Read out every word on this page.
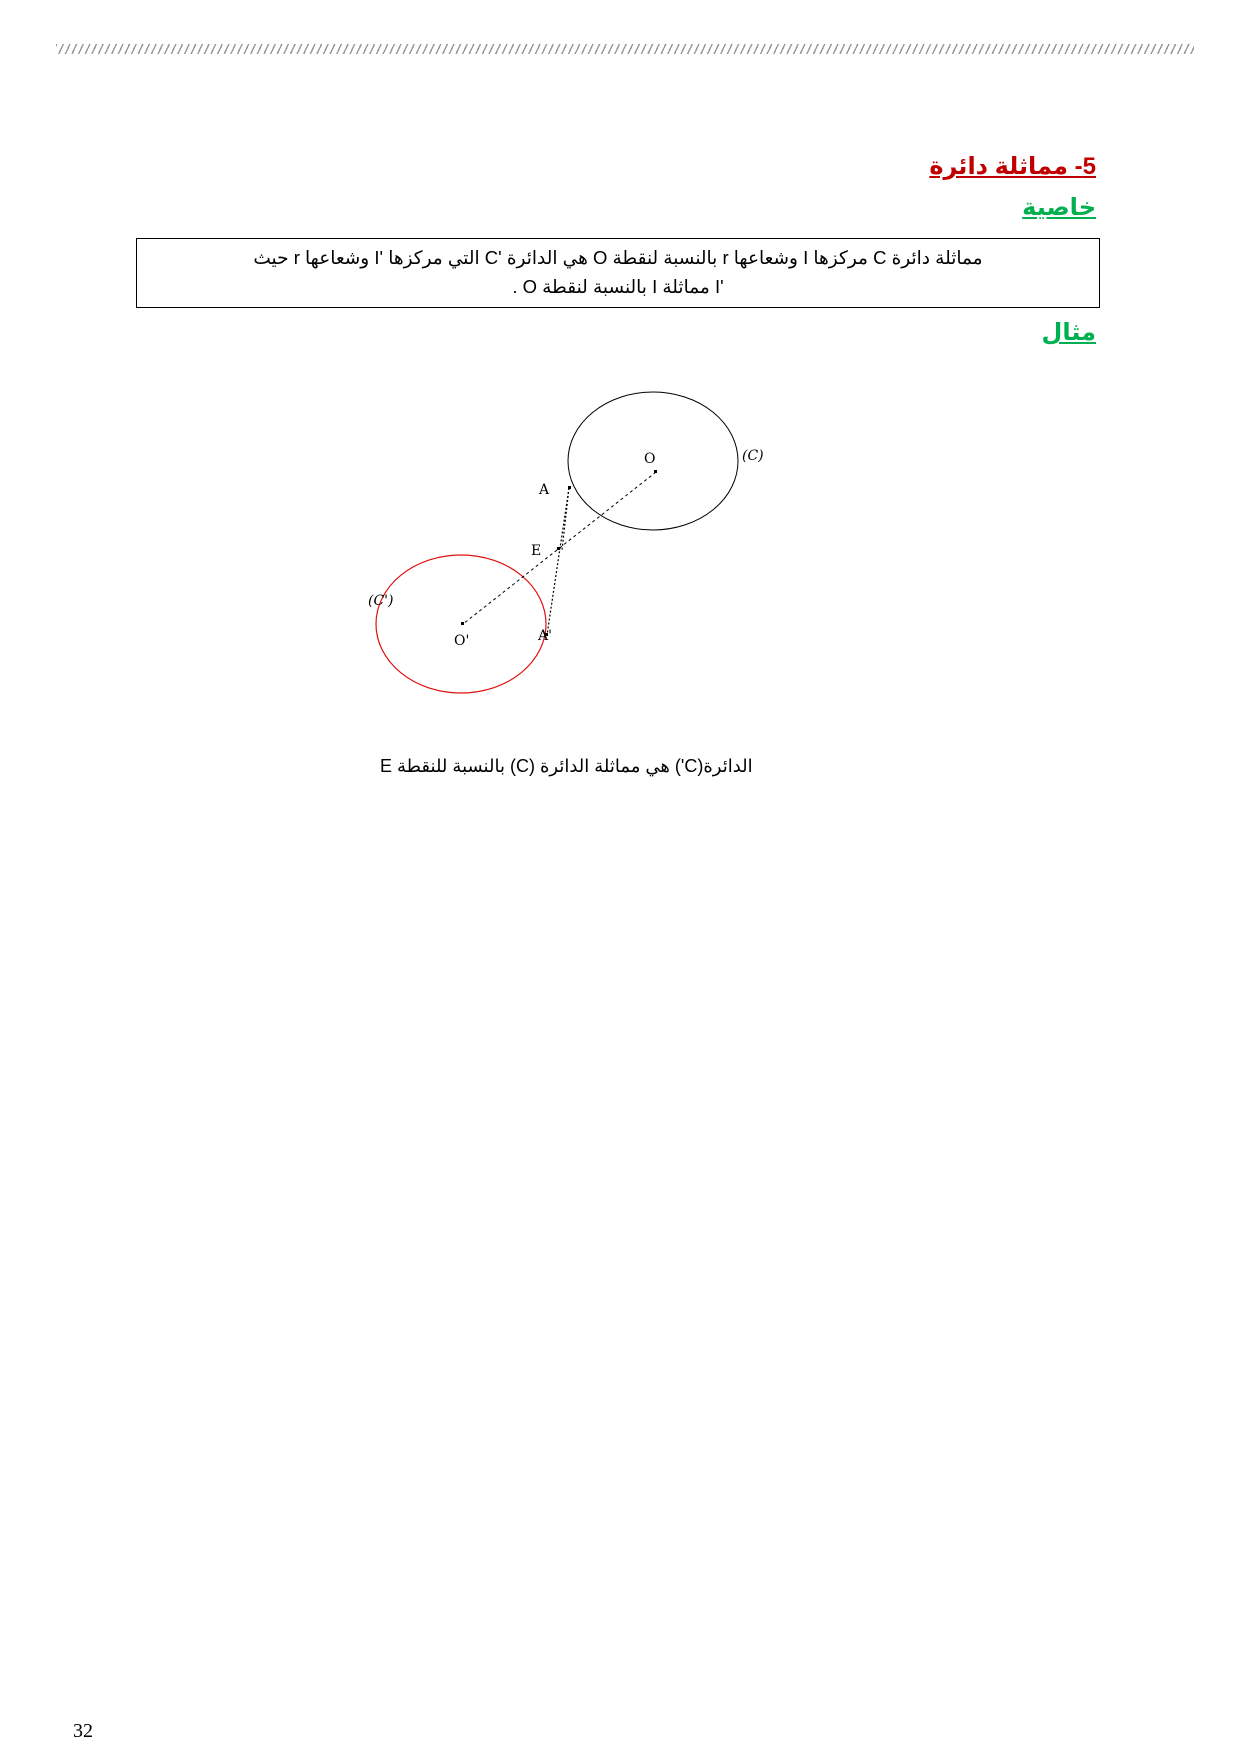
5- مماثلة دائرة
خاصية

مماثلة دائرة C مركزها I وشعاعها r بالنسبة لنقطة O هي الدائرة 'C التي مركزها 'I وشعاعها r حيث

'I مماثلة I بالنسبة لنقطة O .

مثال
O	(C)
A
E
(C')
O'	A'
الدائرة(C') هي مماثلة الدائرة (C) بالنسبة للنقطة E
32
